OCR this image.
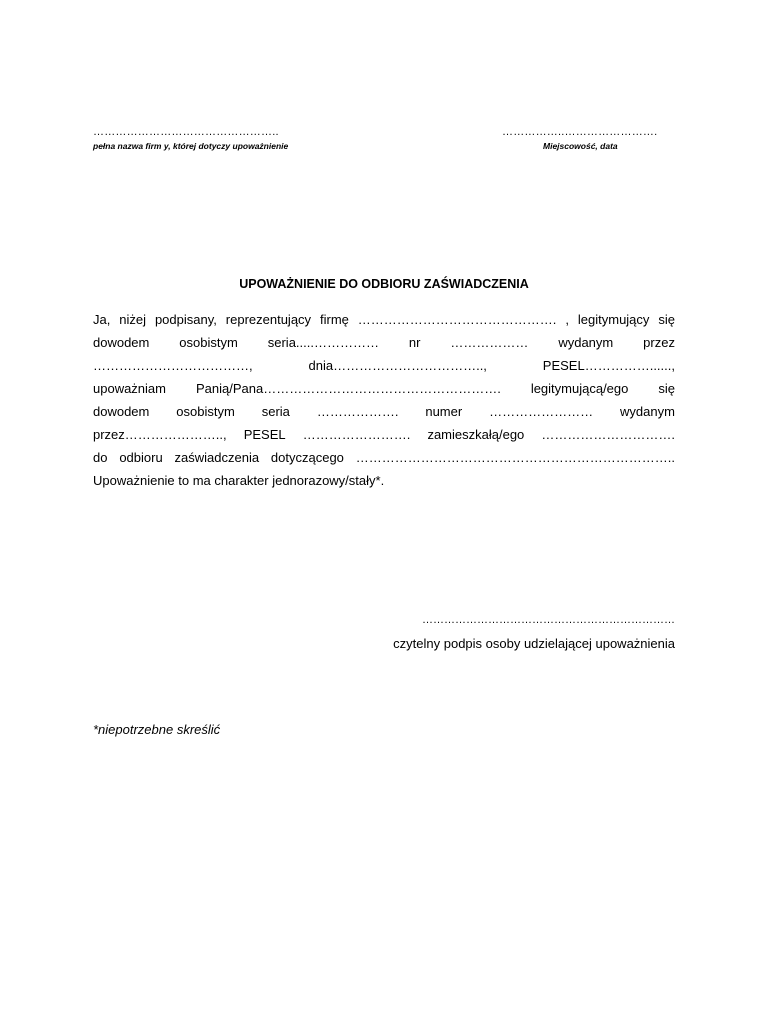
…………………………………………..
pełna nazwa firm y, której dotyczy upoważnienie
……………..…………………….
Miejscowość, data
UPOWAŻNIENIE DO ODBIORU ZAŚWIADCZENIA
Ja, niżej podpisany, reprezentujący firmę ………………………………………. , legitymujący się
dowodem osobistym seria.....…………… nr ……………… wydanym przez
………………………………,	dnia……………………………..,	PESEL……………......,
upoważniam Panią/Pana………………………………………………. legitymującą/ego się
dowodem osobistym seria ………………. numer …………………… wydanym
przez………………….., PESEL ……………………. zamieszkałą/ego ………………………….
do odbioru zaświadczenia dotyczącego ………………………………………………………………..
Upoważnienie to ma charakter jednorazowy/stały*.
……………………………………………………………
czytelny podpis osoby udzielającej upoważnienia
*niepotrzebne skreślić
